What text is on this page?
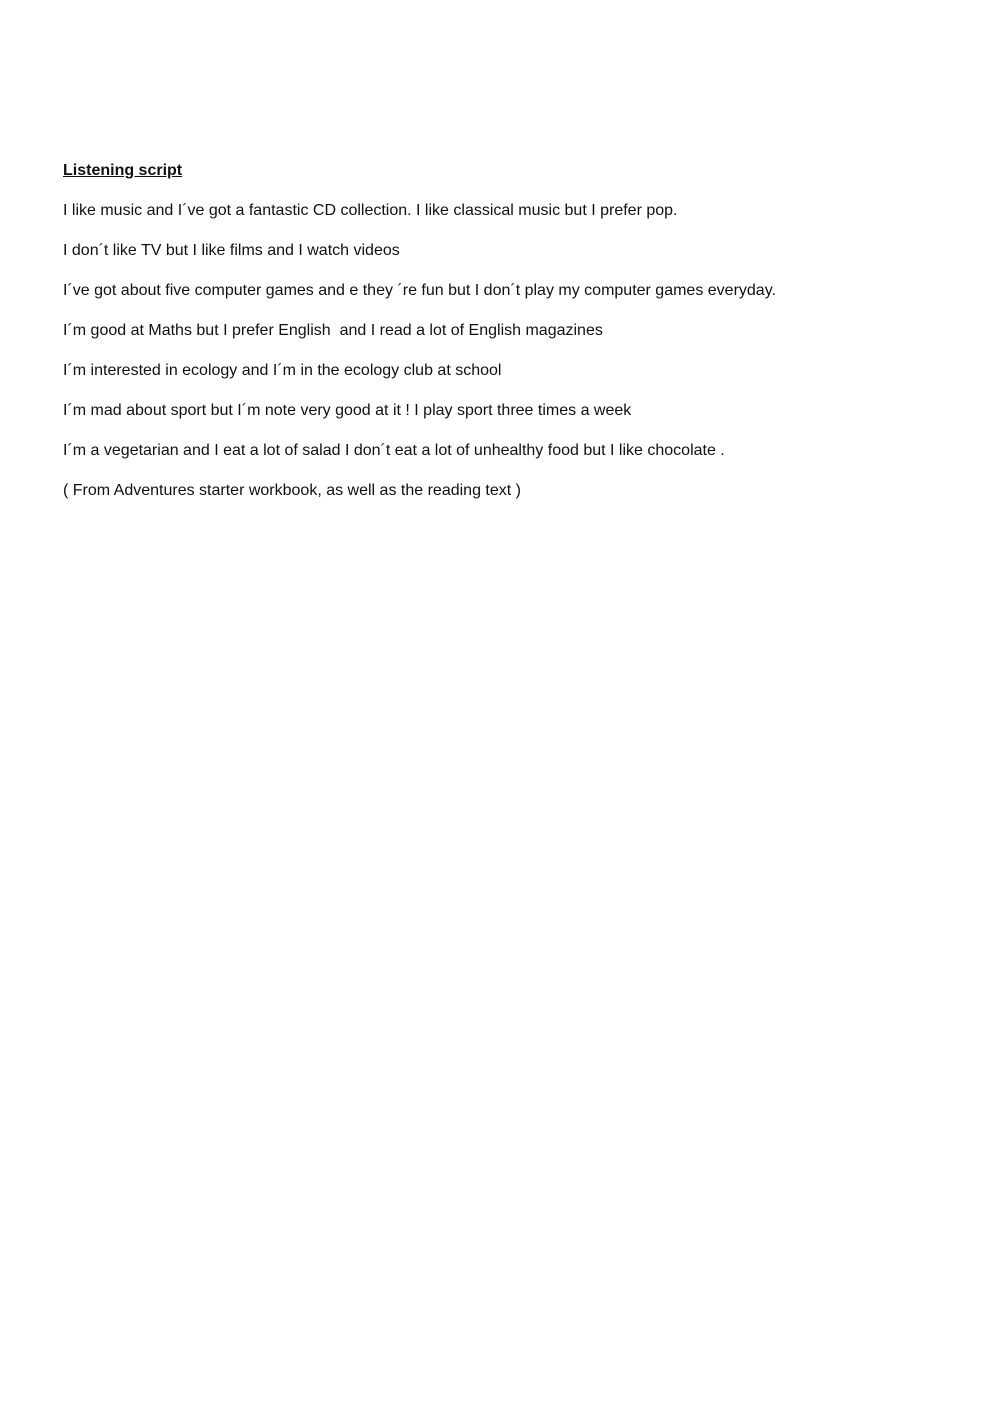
Listening script
I like music and I´ve got a fantastic CD collection. I like classical music but I prefer pop.
I don´t like TV but I like films and I watch videos
I´ve got about five computer games and e they ´re fun but I don´t play my computer games everyday.
I´m good at Maths but I prefer English  and I read a lot of English magazines
I´m interested in ecology and I´m in the ecology club at school
I´m mad about sport but I´m note very good at it ! I play sport three times a week
I´m a vegetarian and I eat a lot of salad I don´t eat a lot of unhealthy food but I like chocolate .
( From Adventures starter workbook, as well as the reading text )
